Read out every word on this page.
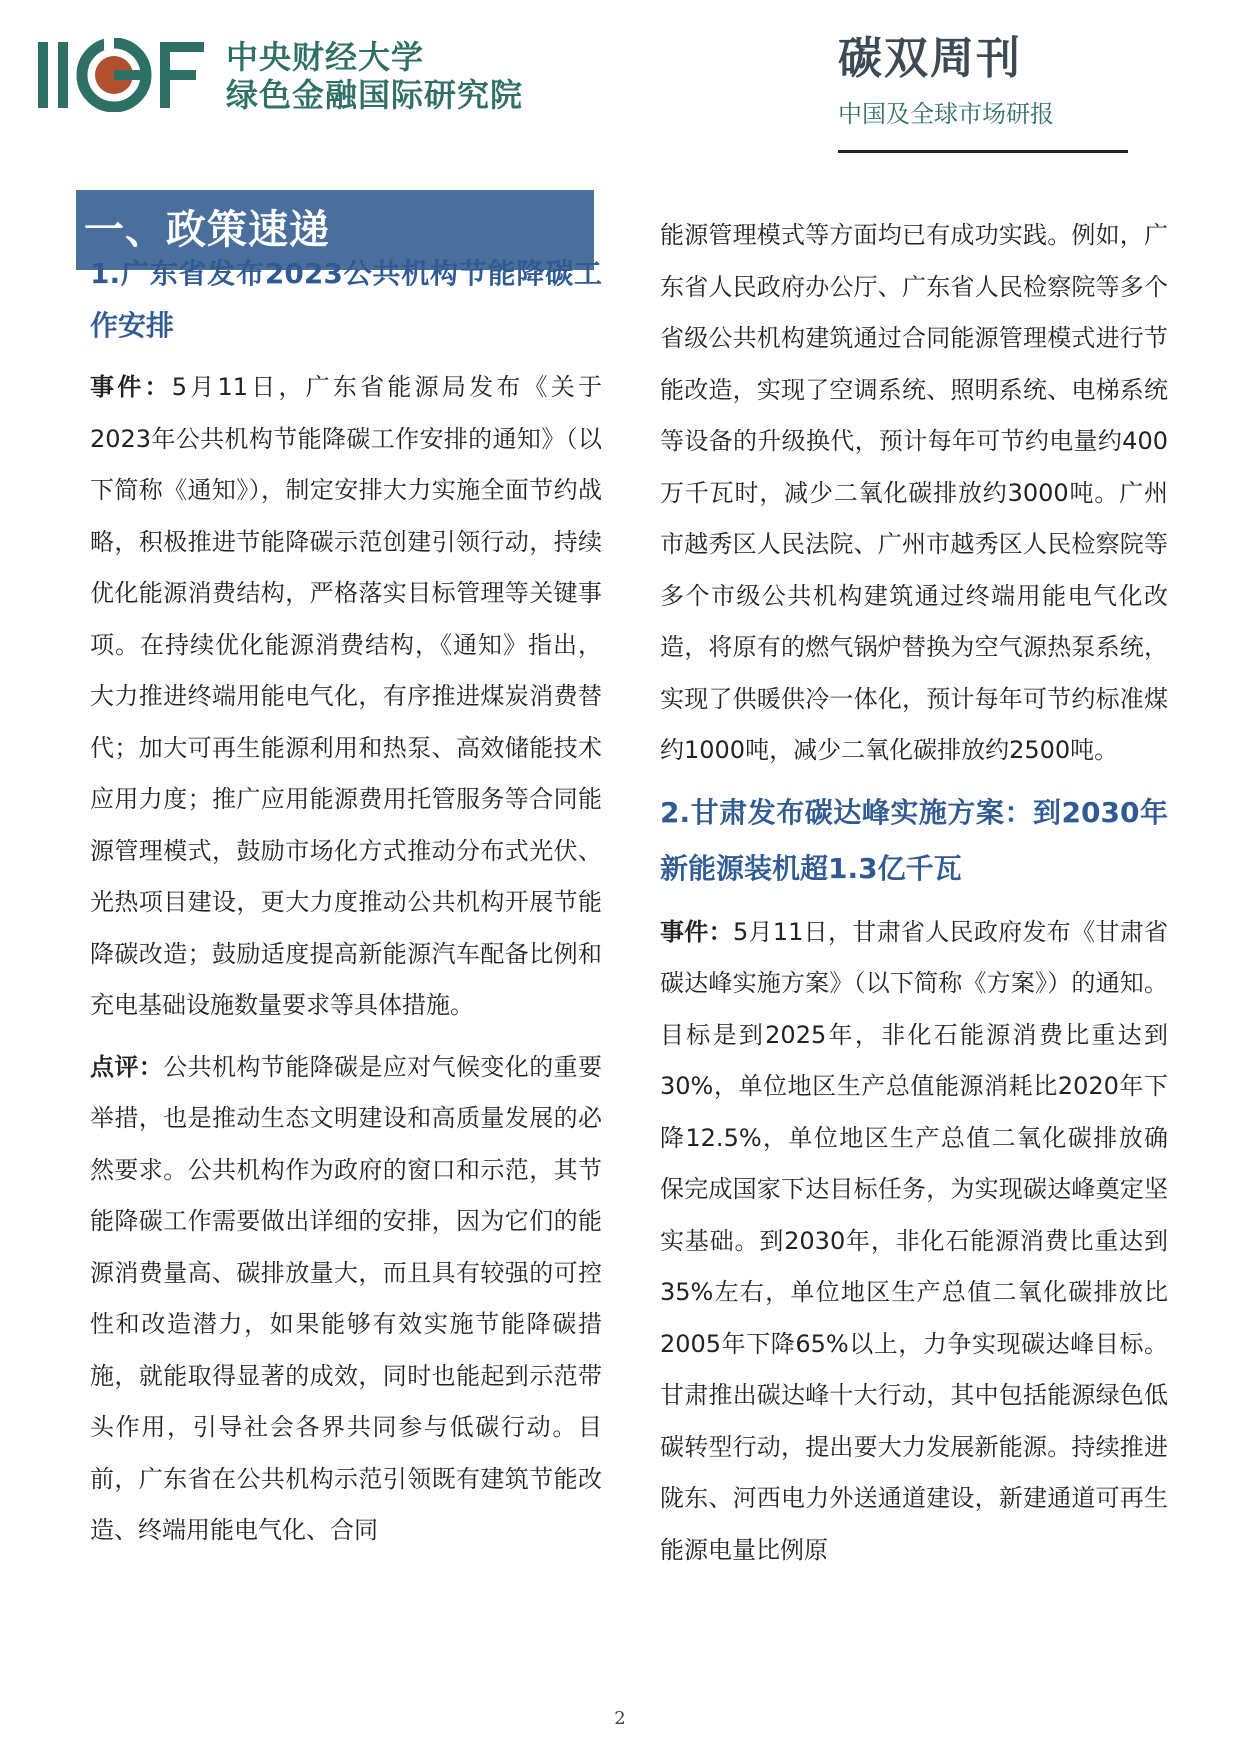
中央财经大学
绿色金融国际研究院
碳双周刊
中国及全球市场研报
一、政策速递
1.广东省发布2023公共机构节能降碳工作安排

事件：5月11日，广东省能源局发布《关于2023年公共机构节能降碳工作安排的通知》（以下简称《通知》），制定安排大力实施全面节约战略，积极推进节能降碳示范创建引领行动，持续优化能源消费结构，严格落实目标管理等关键事项。在持续优化能源消费结构，《通知》指出，大力推进终端用能电气化，有序推进煤炭消费替代；加大可再生能源利用和热泵、高效储能技术应用力度；推广应用能源费用托管服务等合同能源管理模式，鼓励市场化方式推动分布式光伏、光热项目建设，更大力度推动公共机构开展节能降碳改造；鼓励适度提高新能源汽车配备比例和充电基础设施数量要求等具体措施。

点评：公共机构节能降碳是应对气候变化的重要举措，也是推动生态文明建设和高质量发展的必然要求。公共机构作为政府的窗口和示范，其节能降碳工作需要做出详细的安排，因为它们的能源消费量高、碳排放量大，而且具有较强的可控性和改造潜力，如果能够有效实施节能降碳措施，就能取得显著的成效，同时也能起到示范带头作用，引导社会各界共同参与低碳行动。目前，广东省在公共机构示范引领既有建筑节能改造、终端用能电气化、合同

能源管理模式等方面均已有成功实践。例如，广东省人民政府办公厅、广东省人民检察院等多个省级公共机构建筑通过合同能源管理模式进行节能改造，实现了空调系统、照明系统、电梯系统等设备的升级换代，预计每年可节约电量约400万千瓦时，减少二氧化碳排放约3000吨。广州市越秀区人民法院、广州市越秀区人民检察院等多个市级公共机构建筑通过终端用能电气化改造，将原有的燃气锅炉替换为空气源热泵系统，实现了供暖供冷一体化，预计每年可节约标准煤约1000吨，减少二氧化碳排放约2500吨。

2.甘肃发布碳达峰实施方案：到2030年新能源装机超1.3亿千瓦

事件：5月11日，甘肃省人民政府发布《甘肃省碳达峰实施方案》（以下简称《方案》）的通知。目标是到2025年，非化石能源消费比重达到30%，单位地区生产总值能源消耗比2020年下降12.5%，单位地区生产总值二氧化碳排放确保完成国家下达目标任务，为实现碳达峰奠定坚实基础。到2030年，非化石能源消费比重达到35%左右，单位地区生产总值二氧化碳排放比2005年下降65%以上，力争实现碳达峰目标。甘肃推出碳达峰十大行动，其中包括能源绿色低碳转型行动，提出要大力发展新能源。持续推进陇东、河西电力外送通道建设，新建通道可再生能源电量比例原

2
